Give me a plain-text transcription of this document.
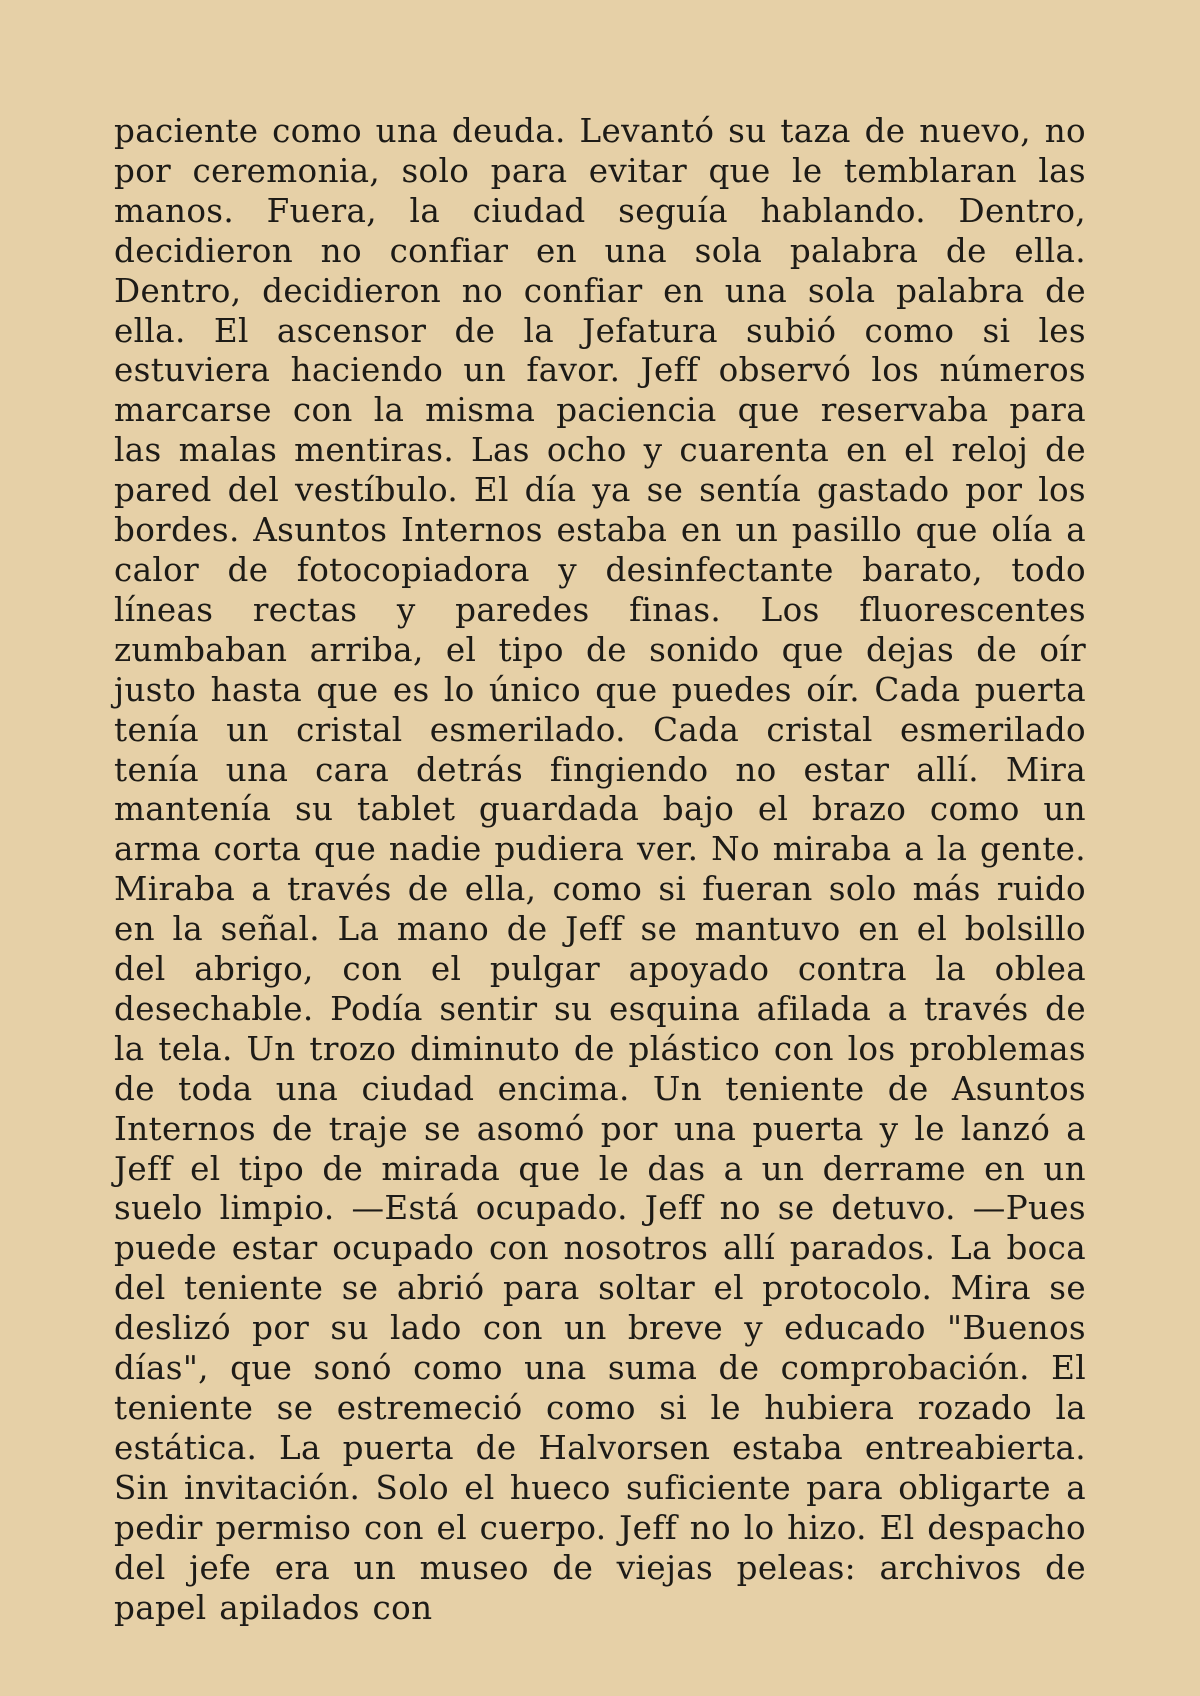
paciente como una deuda. Levantó su taza de nuevo, no por ceremonia, solo para evitar que le temblaran las manos. Fuera, la ciudad seguía hablando. Dentro, decidieron no confiar en una sola palabra de ella. Dentro, decidieron no confiar en una sola palabra de ella. El ascensor de la Jefatura subió como si les estuviera haciendo un favor. Jeff observó los números marcarse con la misma paciencia que reservaba para las malas mentiras. Las ocho y cuarenta en el reloj de pared del vestíbulo. El día ya se sentía gastado por los bordes. Asuntos Internos estaba en un pasillo que olía a calor de fotocopiadora y desinfectante barato, todo líneas rectas y paredes finas. Los fluorescentes zumbaban arriba, el tipo de sonido que dejas de oír justo hasta que es lo único que puedes oír. Cada puerta tenía un cristal esmerilado. Cada cristal esmerilado tenía una cara detrás fingiendo no estar allí. Mira mantenía su tablet guardada bajo el brazo como un arma corta que nadie pudiera ver. No miraba a la gente. Miraba a través de ella, como si fueran solo más ruido en la señal. La mano de Jeff se mantuvo en el bolsillo del abrigo, con el pulgar apoyado contra la oblea desechable. Podía sentir su esquina afilada a través de la tela. Un trozo diminuto de plástico con los problemas de toda una ciudad encima. Un teniente de Asuntos Internos de traje se asomó por una puerta y le lanzó a Jeff el tipo de mirada que le das a un derrame en un suelo limpio. —Está ocupado. Jeff no se detuvo. —Pues puede estar ocupado con nosotros allí parados. La boca del teniente se abrió para soltar el protocolo. Mira se deslizó por su lado con un breve y educado "Buenos días", que sonó como una suma de comprobación. El teniente se estremeció como si le hubiera rozado la estática. La puerta de Halvorsen estaba entreabierta. Sin invitación. Solo el hueco suficiente para obligarte a pedir permiso con el cuerpo. Jeff no lo hizo. El despacho del jefe era un museo de viejas peleas: archivos de papel apilados con
